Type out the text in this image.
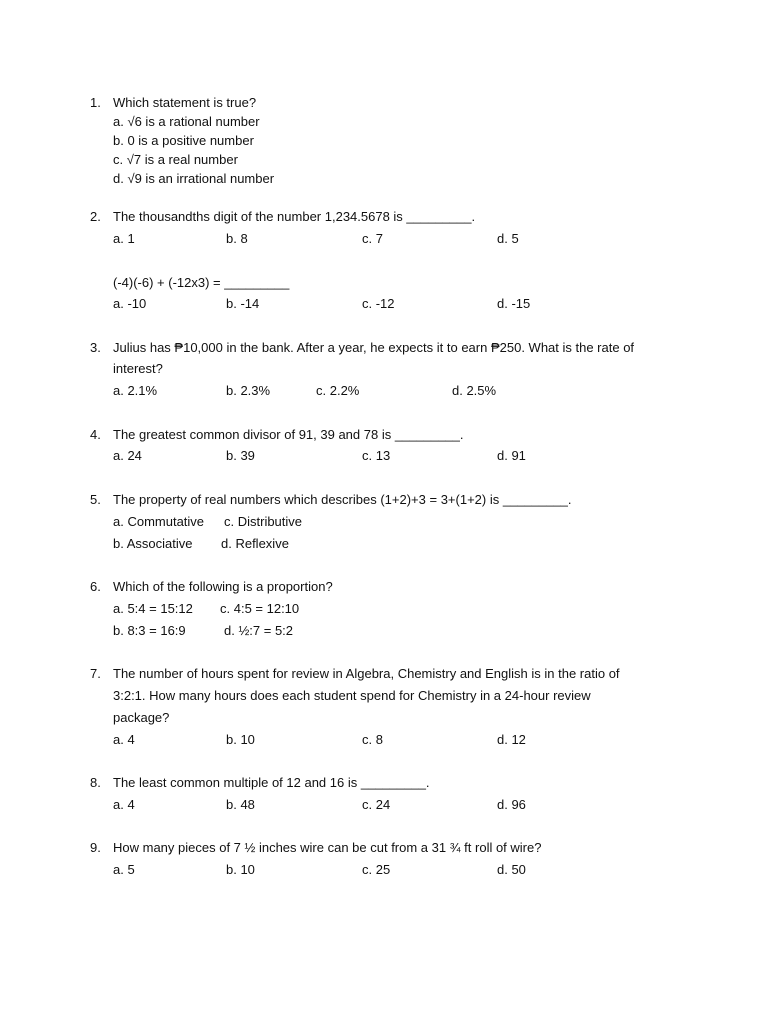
1. Which statement is true?
a. √6 is a rational number
b. 0 is a positive number
c. √7 is a real number
d. √9 is an irrational number
2. The thousandths digit of the number 1,234.5678 is _________.
a. 1	b. 8	c. 7	d. 5
(-4)(-6) + (-12x3) = _________
a. -10	b. -14	c. -12	d. -15
3. Julius has ₱10,000 in the bank. After a year, he expects it to earn ₱250. What is the rate of
interest?
a. 2.1%	b. 2.3%	c. 2.2%	d. 2.5%
4. The greatest common divisor of 91, 39 and 78 is _________.
a. 24	b. 39	c. 13	d. 91
5. The property of real numbers which describes (1+2)+3 = 3+(1+2) is _________.
a. Commutative c. Distributive
b. Associative d. Reflexive
6. Which of the following is a proportion?
a. 5:4 = 15:12 c. 4:5 = 12:10
b. 8:3 = 16:9	d. ½:7 = 5:2
7. The number of hours spent for review in Algebra, Chemistry and English is in the ratio of
3:2:1. How many hours does each student spend for Chemistry in a 24-hour review
package?
a. 4	b. 10	c. 8	d. 12
8. The least common multiple of 12 and 16 is _________.
a. 4	b. 48	c. 24	d. 96
9. How many pieces of 7 ½ inches wire can be cut from a 31 ¾ ft roll of wire?
a. 5	b. 10	c. 25	d. 50
